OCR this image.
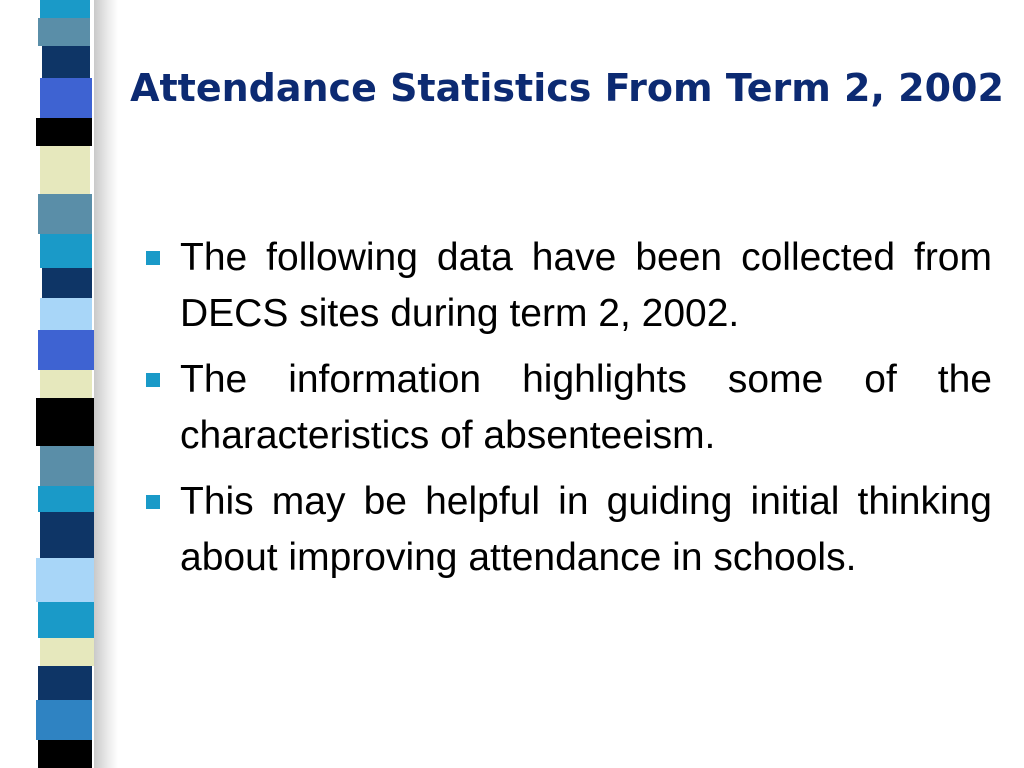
Attendance Statistics From Term 2, 2002
The following data have been collected from DECS sites during term 2, 2002.
The information highlights some of the characteristics of absenteeism.
This may be helpful in guiding initial thinking about improving attendance in schools.
